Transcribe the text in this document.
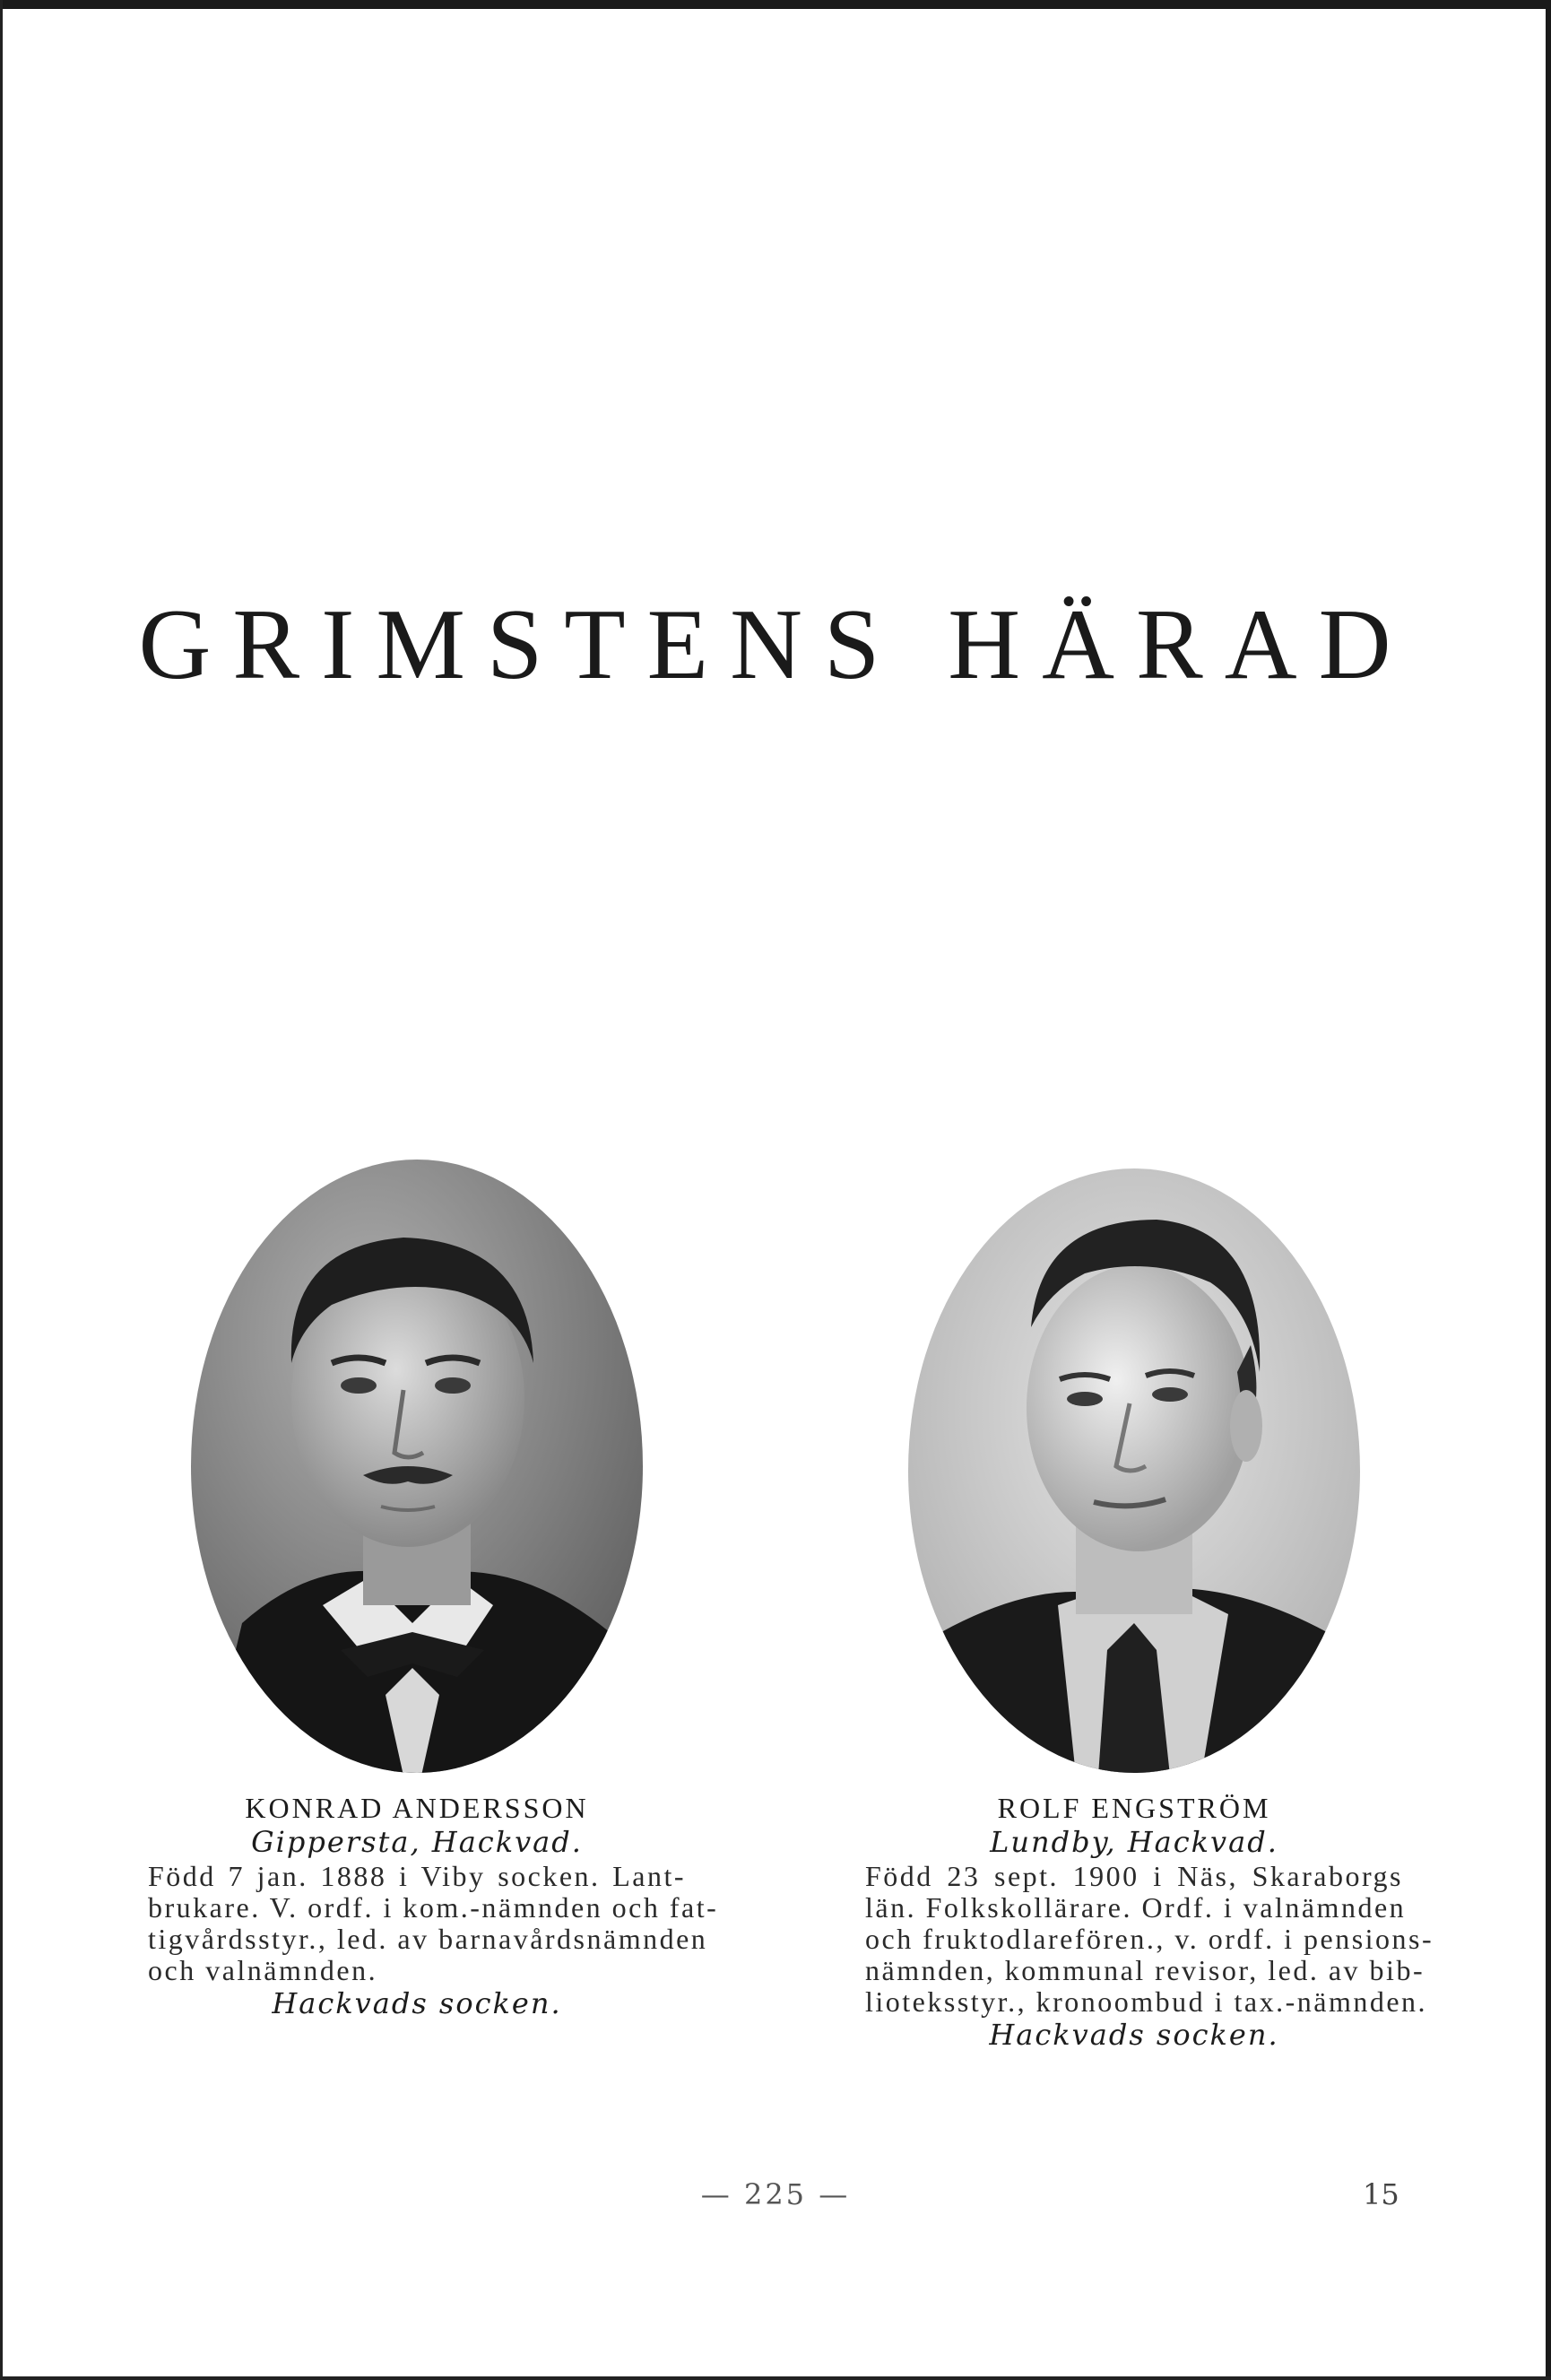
GRIMSTENS HÄRAD
KONRAD ANDERSSON
Gippersta, Hackvad.
Född 7 jan. 1888 i Viby socken. Lant-
brukare. V. ordf. i kom.-nämnden och fat-
tigvårdsstyr., led. av barnavårdsnämnden
och valnämnden.
Hackvads socken.
ROLF ENGSTRÖM
Lundby, Hackvad.
Född 23 sept. 1900 i Näs, Skaraborgs
län. Folkskollärare. Ordf. i valnämnden
och fruktodlarefören., v. ordf. i pensions-
nämnden, kommunal revisor, led. av bib-
lioteksstyr., kronoombud i tax.-nämnden.
Hackvads socken.
— 225 —	15
